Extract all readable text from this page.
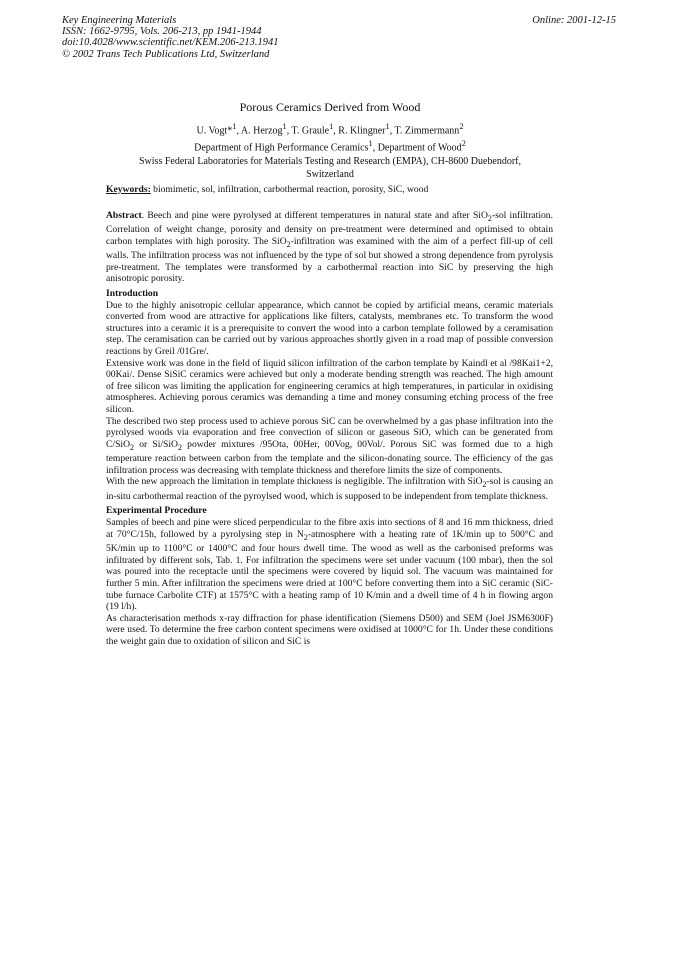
Key Engineering Materials
ISSN: 1662-9795, Vols. 206-213, pp 1941-1944
doi:10.4028/www.scientific.net/KEM.206-213.1941
© 2002 Trans Tech Publications Ltd, Switzerland
Online: 2001-12-15
Porous Ceramics Derived from Wood
U. Vogt*$^1$, A. Herzog$^1$, T. Graule$^1$, R. Klingner$^1$, T. Zimmermann$^2$
Department of High Performance Ceramics$^1$, Department of Wood$^2$
Swiss Federal Laboratories for Materials Testing and Research (EMPA), CH-8600 Duebendorf,
Switzerland

Keywords: biomimetic, sol, infiltration, carbothermal reaction, porosity, SiC, wood

Abstract. Beech and pine were pyrolysed at different temperatures in natural state and after SiO$_2$-sol infiltration. Correlation of weight change, porosity and density on pre-treatment were determined and optimised to obtain carbon templates with high porosity. The SiO$_2$-infiltration was examined with the aim of a perfect fill-up of cell walls. The infiltration process was not influenced by the type of sol but showed a strong dependence from pyrolysis pre-treatment. The templates were transformed by a carbothermal reaction into SiC by preserving the high anisotropic porosity.

Introduction

Due to the highly anisotropic cellular appearance, which cannot be copied by artificial means, ceramic materials converted from wood are attractive for applications like filters, catalysts, membranes etc. To transform the wood structures into a ceramic it is a prerequisite to convert the wood into a carbon template followed by a ceramisation step. The ceramisation can be carried out by various approaches shortly given in a road map of possible conversion reactions by Greil /01Gre/.

Extensive work was done in the field of liquid silicon infiltration of the carbon template by Kaindl et al /98Kai1+2, 00Kai/. Dense SiSiC ceramics were achieved but only a moderate bending strength was reached. The high amount of free silicon was limiting the application for engineering ceramics at high temperatures, in particular in oxidising atmospheres. Achieving porous ceramics was demanding a time and money consuming etching process of the free silicon.

The described two step process used to achieve porous SiC can be overwhelmed by a gas phase infiltration into the pyrolysed woods via evaporation and free convection of silicon or gaseous SiO, which can be generated from C/SiO$_2$ or Si/SiO$_2$ powder mixtures /95Ota, 00Her, 00Vog, 00Vol/. Porous SiC was formed due to a high temperature reaction between carbon from the template and the silicon-donating source. The efficiency of the gas infiltration process was decreasing with template thickness and therefore limits the size of components.

With the new approach the limitation in template thickness is negligible. The infiltration with SiO$_2$-sol is causing an in-situ carbothermal reaction of the pyroylsed wood, which is supposed to be independent from template thickness.

Experimental Procedure

Samples of beech and pine were sliced perpendicular to the fibre axis into sections of 8 and 16 mm thickness, dried at 70°C/15h, followed by a pyrolysing step in $N_2$-atmosphere with a heating rate of 1K/min up to 500°C and 5K/min up to 1100°C or 1400°C and four hours dwell time. The wood as well as the carbonised preforms was infiltrated by different sols, Tab. 1. For infiltration the specimens were set under vacuum (100 mbar), then the sol was poured into the receptacle until the specimens were covered by liquid sol. The vacuum was maintained for further 5 min. After infiltration the specimens were dried at 100°C before converting them into a SiC ceramic (SiC-tube furnace Carbolite CTF) at 1575°C with a heating ramp of 10 K/min and a dwell time of 4 h in flowing argon (19 l/h).

As characterisation methods x-ray diffraction for phase identification (Siemens D500) and SEM (Joel JSM6300F) were used. To determine the free carbon content specimens were oxidised at 1000°C for 1h. Under these conditions the weight gain due to oxidation of silicon and SiC is
